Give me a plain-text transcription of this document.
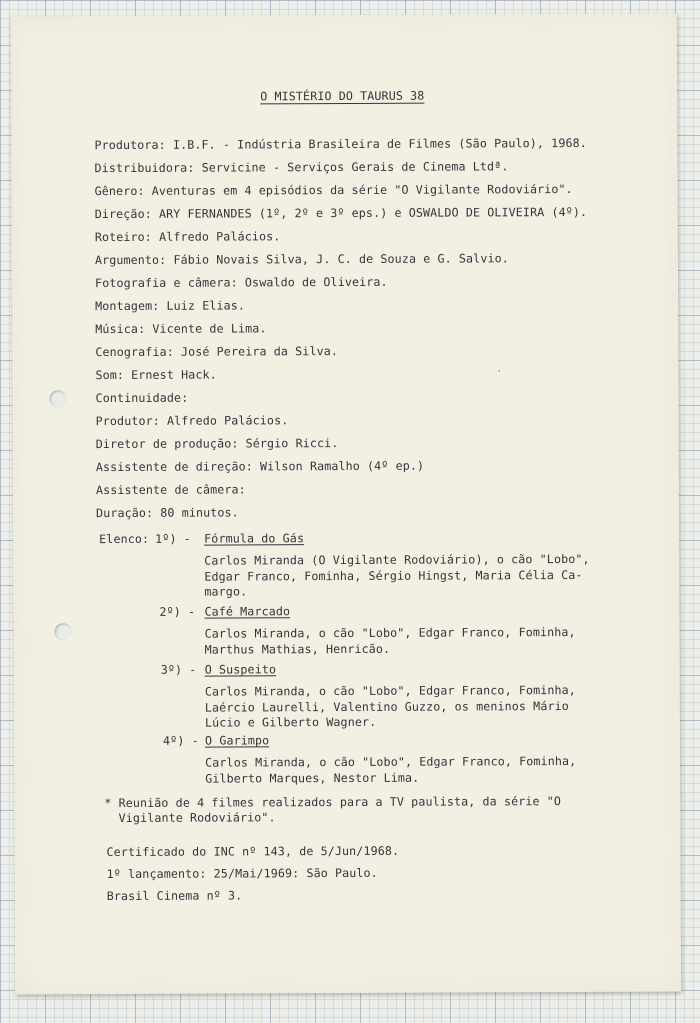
·

O MISTÉRIO DO TAURUS 38

Produtora: I.B.F. - Indústria Brasileira de Filmes (São Paulo), 1968.

Distribuidora: Servicine - Serviços Gerais de Cinema Ltdª.

Gênero: Aventuras em 4 episódios da série "O Vigilante Rodoviário".

Direção: ARY FERNANDES (1º, 2º e 3º eps.) e OSWALDO DE OLIVEIRA (4º).

Roteiro: Alfredo Palácios.

Argumento: Fábio Novais Silva, J. C. de Souza e G. Salvio.

Fotografia e câmera: Oswaldo de Oliveira.

Montagem: Luiz Elias.

Música: Vicente de Lima.

Cenografia: José Pereira da Silva.

Som: Ernest Hack.

Continuidade:

Produtor: Alfredo Palácios.

Diretor de produção: Sérgio Ricci.

Assistente de direção: Wilson Ramalho (4º ep.)

Assistente de câmera:

Duração: 80 minutos.

Elenco: 1º) - Fórmula do Gás

Carlos Miranda (O Vigilante Rodoviário), o cão "Lobo",

Edgar Franco, Fominha, Sérgio Hingst, Maria Célia Ca-

margo.

2º) - Café Marcado

Carlos Miranda, o cão "Lobo", Edgar Franco, Fominha,

Marthus Mathias, Henricão.

3º) - O Suspeito

Carlos Miranda, o cão "Lobo", Edgar Franco, Fominha,

Laércio Laurelli, Valentino Guzzo, os meninos Mário

Lúcio e Gilberto Wagner.

4º) - O Garimpo

Carlos Miranda, o cão "Lobo", Edgar Franco, Fominha,

Gilberto Marques, Nestor Lima.

* Reunião de 4 filmes realizados para a TV paulista, da série "O

Vigilante Rodoviário".

Certificado do INC nº 143, de 5/Jun/1968.

1º lançamento: 25/Mai/1969: São Paulo.

Brasil Cinema nº 3.
